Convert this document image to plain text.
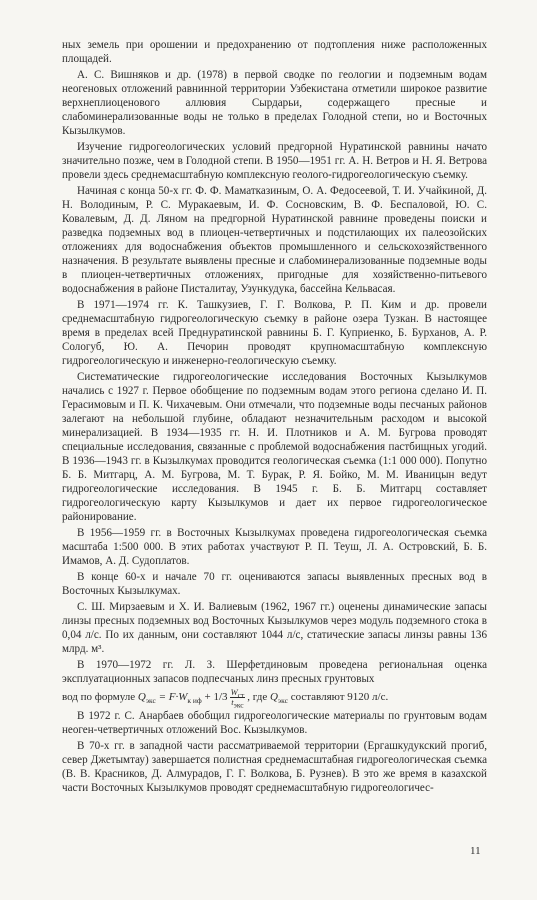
ных земель при орошении и предохранению от подтопления ниже расположенных площадей.

А. С. Вишняков и др. (1978) в первой сводке по геологии и подземным водам неогеновых отложений равнинной территории Узбекистана отметили широкое развитие верхнеплиоценового аллювия Сырдарьи, содержащего пресные и слабоминерализованные воды не только в пределах Голодной степи, но и Восточных Кызылкумов.

Изучение гидрогеологических условий предгорной Нуратинской равнины начато значительно позже, чем в Голодной степи. В 1950—1951 гг. А. Н. Ветров и Н. Я. Ветрова провели здесь среднемасштабную комплексную геолого-гидрогеологическую съемку.

Начиная с конца 50-х гг. Ф. Ф. Маматказиным, О. А. Федосеевой, Т. И. Учайкиной, Д. Н. Володиным, Р. С. Муракаевым, И. Ф. Сосновским, В. Ф. Беспаловой, Ю. С. Ковалевым, Д. Д. Ляном на предгорной Нуратинской равнине проведены поиски и разведка подземных вод в плиоцен-четвертичных и подстилающих их палеозойских отложениях для водоснабжения объектов промышленного и сельскохозяйственного назначения. В результате выявлены пресные и слабоминерализованные подземные воды в плиоцен-четвертичных отложениях, пригодные для хозяйственно-питьевого водоснабжения в районе Писталитау, Узункудука, бассейна Кельвасая.

В 1971—1974 гг. К. Ташкузиев, Г. Г. Волкова, Р. П. Ким и др. провели среднемасштабную гидрогеологическую съемку в районе озера Тузкан. В настоящее время в пределах всей Преднуратинской равнины Б. Г. Куприенко, Б. Бурханов, А. Р. Сологуб, Ю. А. Печорин проводят крупномасштабную комплексную гидрогеологическую и инженерно-геологическую съемку.

Систематические гидрогеологические исследования Восточных Кызылкумов начались с 1927 г. Первое обобщение по подземным водам этого региона сделано И. П. Герасимовым и П. К. Чихачевым. Они отмечали, что подземные воды песчаных районов залегают на небольшой глубине, обладают незначительным расходом и высокой минерализацией. В 1934—1935 гг. Н. И. Плотников и А. М. Бугрова проводят специальные исследования, связанные с проблемой водоснабжения пастбищных угодий. В 1936—1943 гг. в Кызылкумах проводится геологическая съемка (1:1 000 000). Попутно Б. Б. Митгарц, А. М. Бугрова, М. Т. Бурак, Р. Я. Бойко, М. М. Иваницын ведут гидрогеологические исследования. В 1945 г. Б. Б. Митгарц составляет гидрогеологическую карту Кызылкумов и дает их первое гидрогеологическое районирование.

В 1956—1959 гг. в Восточных Кызылкумах проведена гидрогеологическая съемка масштаба 1:500 000. В этих работах участвуют Р. П. Теуш, Л. А. Островский, Б. Б. Имамов, А. Д. Судоплатов.

В конце 60-х и начале 70 гг. оцениваются запасы выявленных пресных вод в Восточных Кызылкумах.

С. Ш. Мирзаевым и Х. И. Валиевым (1962, 1967 гг.) оценены динамические запасы линзы пресных подземных вод Восточных Кызылкумов через модуль подземного стока в 0,04 л/с. По их данным, они составляют 1044 л/с, статические запасы линзы равны 136 млрд. м³.

В 1970—1972 гг. Л. З. Шерфетдиновым проведена региональная оценка эксплуатационных запасов подпесчаных линз пресных грунтовых

вод по формуле $Q_{экс} = F\cdot W_{к иф} + 1/3 \frac{W_{ст}}{t_{экс}}$ , где $Q_{экс}$ составляют 9120 л/с.

В 1972 г. С. Анарбаев обобщил гидрогеологические материалы по грунтовым водам неоген-четвертичных отложений Вос. Кызылкумов.

В 70-х гг. в западной части рассматриваемой территории (Ергашкудукский прогиб, север Джетымтау) завершается полистная среднемасштабная гидрогеологическая съемка (В. В. Красников, Д. Алмурадов, Г. Г. Волкова, Б. Рузнев). В это же время в казахской части Восточных Кызылкумов проводят среднемасштабную гидрогеологичес-

11
